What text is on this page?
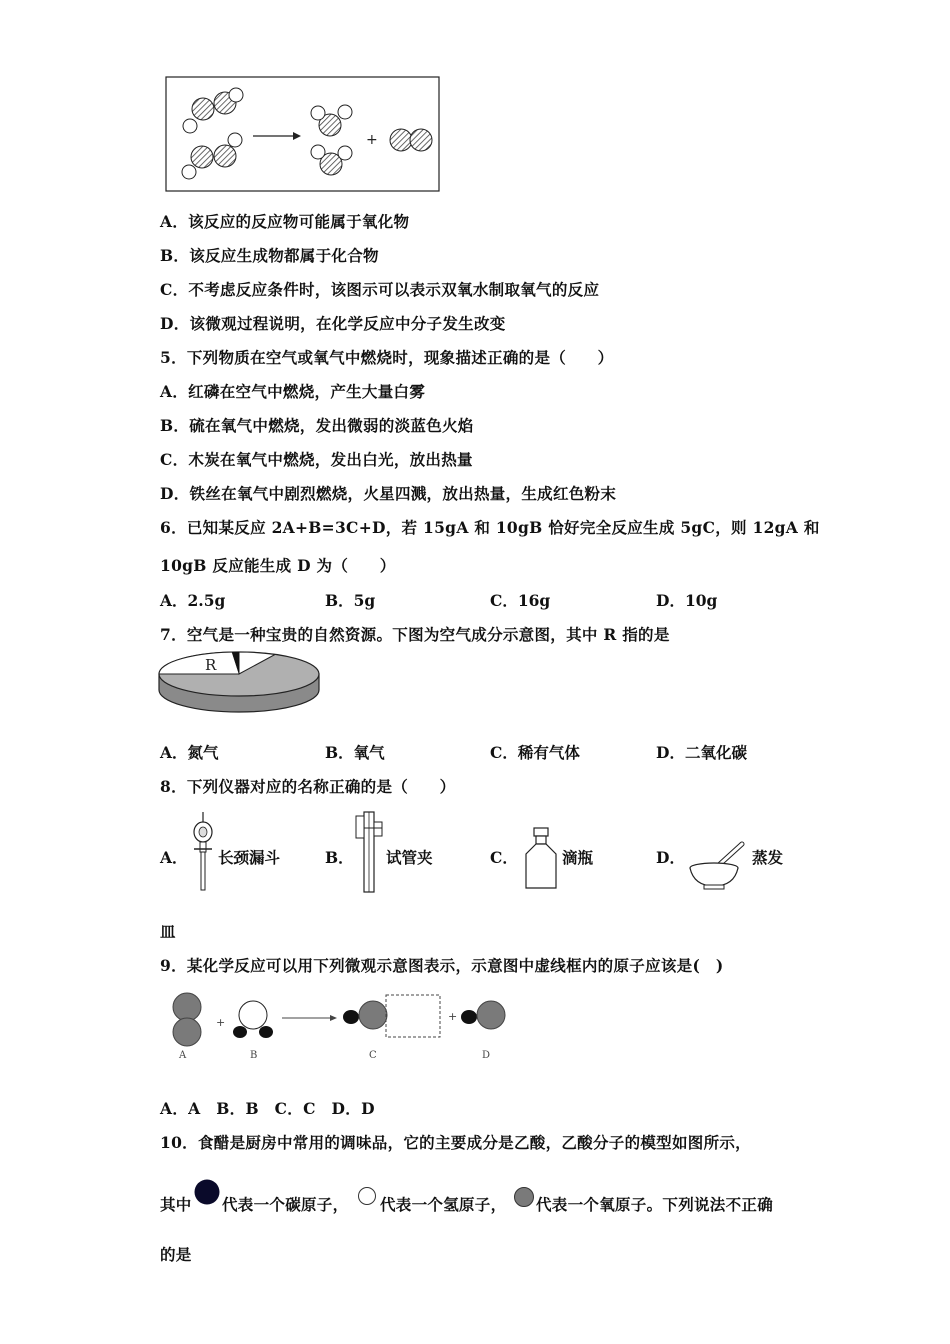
+
A．该反应的反应物可能属于氧化物
B．该反应生成物都属于化合物
C．不考虑反应条件时，该图示可以表示双氧水制取氧气的反应
D．该微观过程说明，在化学反应中分子发生改变
5．下列物质在空气或氧气中燃烧时，现象描述正确的是（　　）
A．红磷在空气中燃烧，产生大量白雾
B．硫在氧气中燃烧，发出微弱的淡蓝色火焰
C．木炭在氧气中燃烧，发出白光，放出热量
D．铁丝在氧气中剧烈燃烧，火星四溅，放出热量，生成红色粉末
6．已知某反应 2A+B=3C+D，若 15gA 和 10gB 恰好完全反应生成 5gC，则 12gA 和
10gB 反应能生成 D 为（　　）
A．2.5g	B．5g	C．16g	D．10g
7．空气是一种宝贵的自然资源。下图为空气成分示意图，其中 R 指的是
R
A．氮气	B．氧气	C．稀有气体	D．二氧化碳
8．下列仪器对应的名称正确的是（　　）
A． 长颈漏斗	B． 试管夹	C．	滴瓶	D．	蒸发
皿
9．某化学反应可以用下列微观示意图表示，示意图中虚线框内的原子应该是(　)
+	+
A	B	C	D
A．A　B．B　C．C　D．D
10．食醋是厨房中常用的调味品，它的主要成分是乙酸，乙酸分子的模型如图所示，
其中 代表一个碳原子， 代表一个氢原子， 代表一个氧原子。下列说法不正确
的是
